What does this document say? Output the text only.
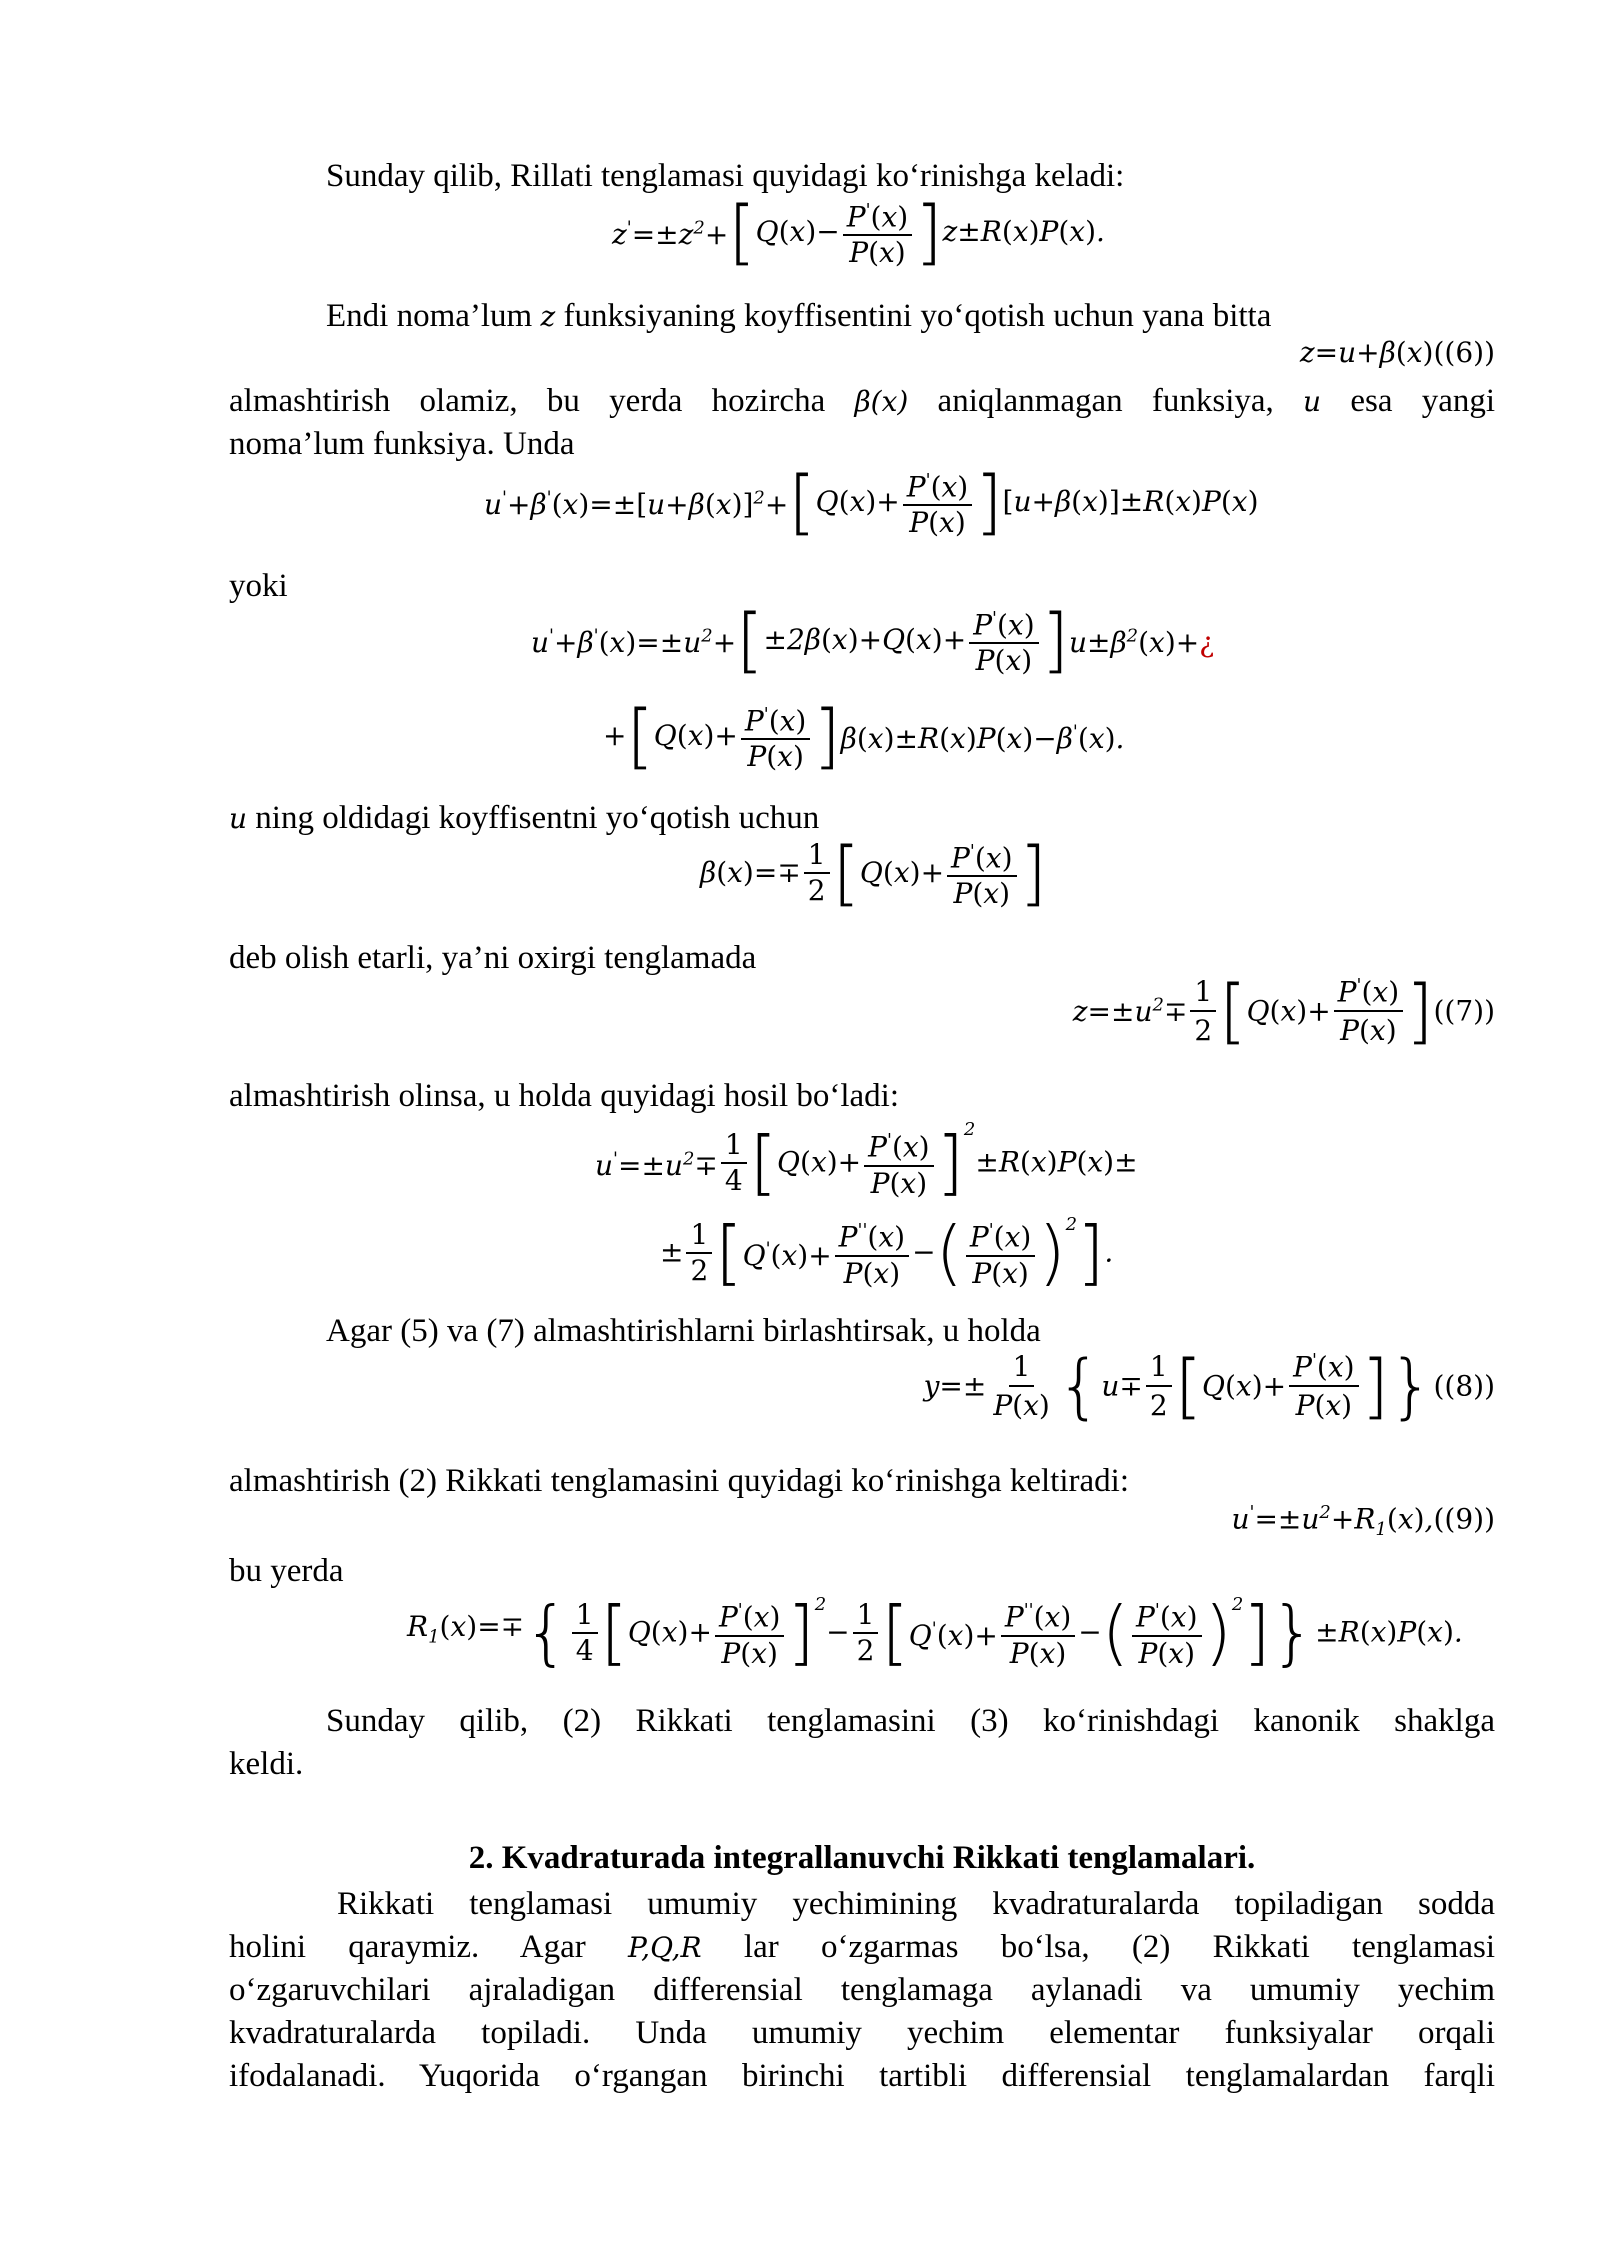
Sunday qilib, Rillati tenglamasi quyidagi ko‘rinishga keladi:

$z'=\pm z^2+[Q(x)- \frac{P'(x)}{P(x)} ]z\pm R(x)P(x)$.

Endi noma’lum z funksiyaning koyffisentini yo‘qotish uchun yana bitta

z=u+β(x)((6))

almashtirish olamiz, bu yerda hozircha β(x) aniqlanmagan funksiya, u esa yangi
noma’lum funksiya. Unda

$u'+\beta'(x)=\pm[u+\beta(x)]^2+[Q(x)+ \frac{P'(x)}{P(x)} ][u+\beta(x)]\pm R(x)P(x)$

yoki

$u'+\beta'(x)=\pm u^2+[\pm 2\beta(x)+Q(x)+ \frac{P'(x)}{P(x)}$ ]$u\pm\beta^2(x)+¿$
$+[Q(x)+ \frac{P'(x)}{P(x)} ]\beta(x)\pm R(x)P(x)-\beta'(x)$.

u ning oldidagi koyffisentni yo‘qotish uchun

$\beta(x)=\mp \frac{1}{2} [Q(x)+ \frac{P'(x)}{P(x)}$ ]

deb olish etarli, ya’ni oxirgi tenglamada

$z=\pm u^2\mp \frac{1}{2} [Q(x)+ \frac{P'(x)}{P(x)} ]((7))$

almashtirish olinsa, u holda quyidagi hosil bo‘ladi:

$u'=\pm u^2\mp \frac{1}{4} [Q(x)+ \frac{P'(x)}{P(x)} ]^2\pm R(x)P(x)\pm$
± $\frac{1}{2} [Q'(x)+ \frac{P''(x)}{P(x)}$ −( $\frac{P'(x)}{P(x)} )^2$].

Agar (5) va (7) almashtirishlarni birlashtirsak, u holda

$y=\pm \frac{1}{P(x)} \{u\mp \frac{1}{2} [Q(x)+ \frac{P'(x)}{P(x)} ]\}((8))$

almashtirish (2) Rikkati tenglamasini quyidagi ko‘rinishga keltiradi:

$u'=\pm u^2+R_1(x),((9))$

bu yerda

$R_1(x)=\mp\{ \frac{1}{4} [Q(x)+ \frac{P'(x)}{P(x)} ]^2- \frac{1}{2} [Q'(x)+ \frac{P''(x)}{P(x)}$ −( $\frac{P'(x)}{P(x)} )^2]\}\pm R(x)P(x)$.

Sunday qilib, (2) Rikkati tenglamasini (3) ko‘rinishdagi kanonik shaklga
keldi.

2. Kvadraturada integrallanuvchi Rikkati tenglamalari.
Rikkati tenglamasi umumiy yechimining kvadraturalarda topiladigan sodda
holini qaraymiz. Agar P,Q,R lar o‘zgarmas bo‘lsa, (2) Rikkati tenglamasi
o‘zgaruvchilari ajraladigan differensial tenglamaga aylanadi va umumiy yechim
kvadraturalarda topiladi. Unda umumiy yechim elementar funksiyalar orqali
ifodalanadi. Yuqorida o‘rgangan birinchi tartibli differensial tenglamalardan farqli
